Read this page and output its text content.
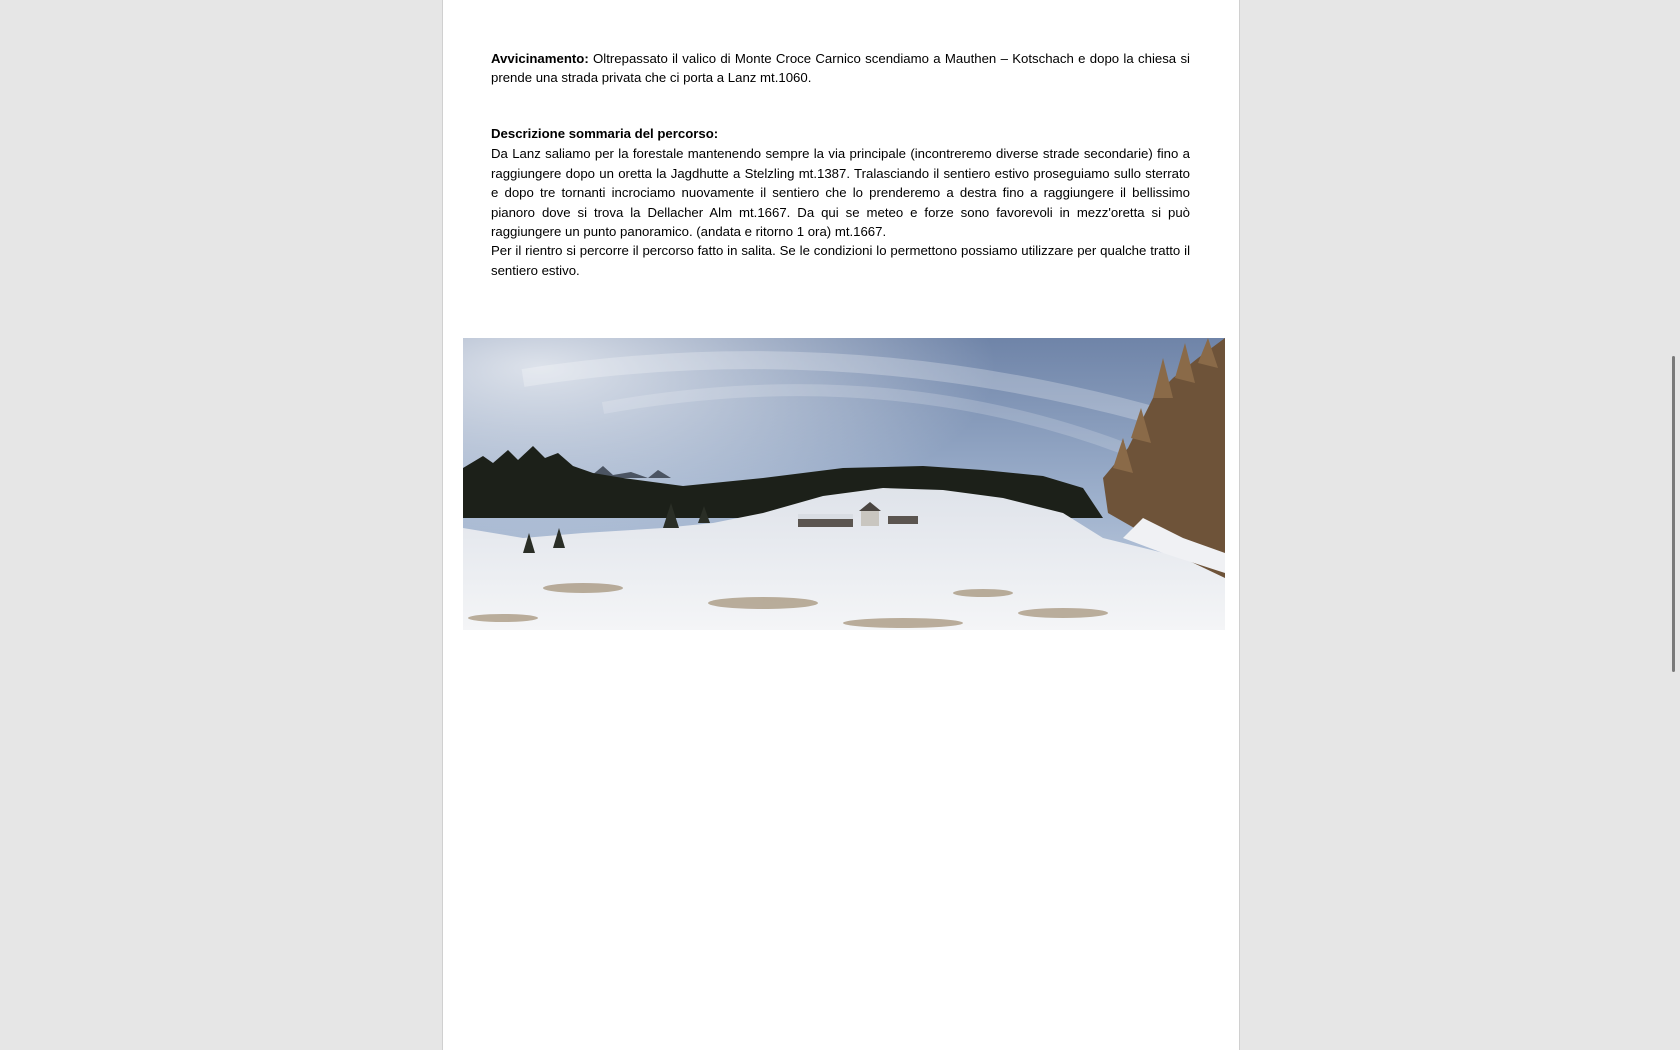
Avvicinamento: Oltrepassato il valico di Monte Croce Carnico scendiamo a Mauthen – Kotschach e dopo la chiesa si prende una strada privata che ci porta a Lanz mt.1060.
Descrizione sommaria del percorso:
Da Lanz saliamo per la forestale mantenendo sempre la via principale (incontreremo diverse strade secondarie) fino a raggiungere dopo un oretta la Jagdhutte a Stelzling mt.1387. Tralasciando il sentiero estivo proseguiamo sullo sterrato e dopo tre tornanti incrociamo nuovamente il sentiero che lo prenderemo a destra fino a raggiungere il bellissimo pianoro dove si trova la Dellacher Alm mt.1667. Da qui se meteo e forze sono favorevoli in mezz'oretta si può raggiungere un punto panoramico. (andata e ritorno 1 ora) mt.1667.
Per il rientro si percorre il percorso fatto in salita. Se le condizioni lo permettono possiamo utilizzare per qualche tratto il sentiero estivo.
